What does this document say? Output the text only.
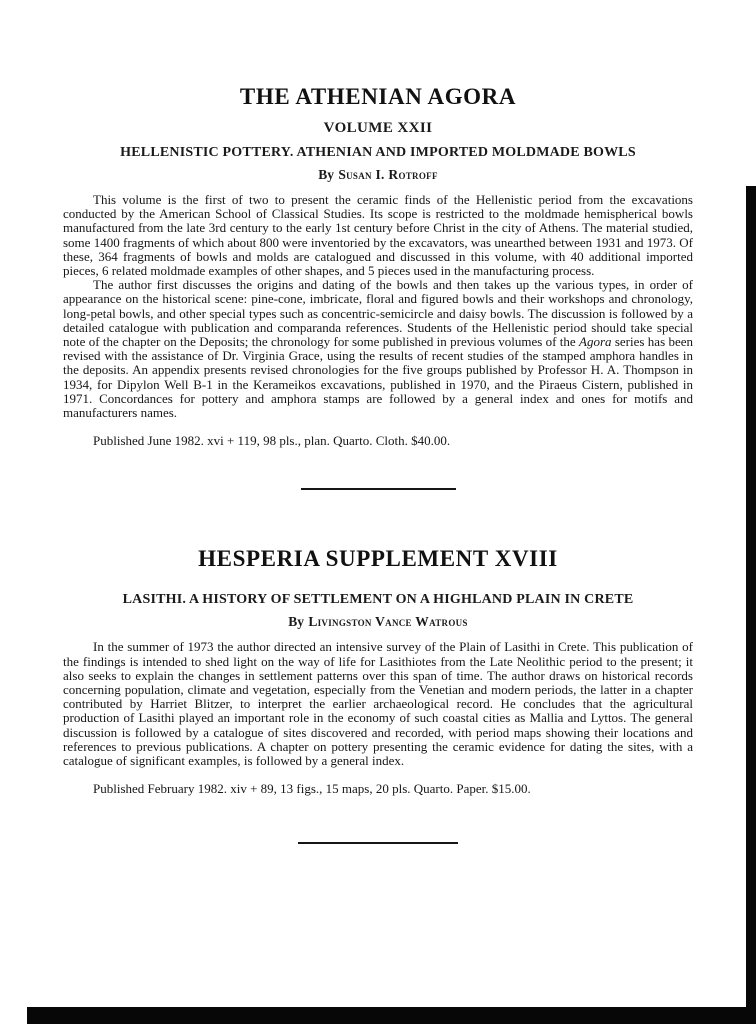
THE ATHENIAN AGORA
VOLUME XXII
HELLENISTIC POTTERY. ATHENIAN AND IMPORTED MOLDMADE BOWLS
By Susan I. Rotroff

This volume is the first of two to present the ceramic finds of the Hellenistic period from the excavations conducted by the American School of Classical Studies. Its scope is restricted to the moldmade hemispherical bowls manufactured from the late 3rd century to the early 1st century before Christ in the city of Athens. The material studied, some 1400 fragments of which about 800 were inventoried by the excavators, was unearthed between 1931 and 1973. Of these, 364 fragments of bowls and molds are catalogued and discussed in this volume, with 40 additional imported pieces, 6 related moldmade examples of other shapes, and 5 pieces used in the manufacturing process.

The author first discusses the origins and dating of the bowls and then takes up the various types, in order of appearance on the historical scene: pine-cone, imbricate, floral and figured bowls and their workshops and chronology, long-petal bowls, and other special types such as concentric-semicircle and daisy bowls. The discussion is followed by a detailed catalogue with publication and comparanda references. Students of the Hellenistic period should take special note of the chapter on the Deposits; the chronology for some published in previous volumes of the Agora series has been revised with the assistance of Dr. Virginia Grace, using the results of recent studies of the stamped amphora handles in the deposits. An appendix presents revised chronologies for the five groups published by Professor H. A. Thompson in 1934, for Dipylon Well B-1 in the Kerameikos excavations, published in 1970, and the Piraeus Cistern, published in 1971. Concordances for pottery and amphora stamps are followed by a general index and ones for motifs and manufacturers names.

Published June 1982. xvi + 119, 98 pls., plan. Quarto. Cloth. $40.00.

HESPERIA SUPPLEMENT XVIII
LASITHI. A HISTORY OF SETTLEMENT ON A HIGHLAND PLAIN IN CRETE
By Livingston Vance Watrous

In the summer of 1973 the author directed an intensive survey of the Plain of Lasithi in Crete. This publication of the findings is intended to shed light on the way of life for Lasithiotes from the Late Neolithic period to the present; it also seeks to explain the changes in settlement patterns over this span of time. The author draws on historical records concerning population, climate and vegetation, especially from the Venetian and modern periods, the latter in a chapter contributed by Harriet Blitzer, to interpret the earlier archaeological record. He concludes that the agricultural production of Lasithi played an important role in the economy of such coastal cities as Mallia and Lyttos. The general discussion is followed by a catalogue of sites discovered and recorded, with period maps showing their locations and references to previous publications. A chapter on pottery presenting the ceramic evidence for dating the sites, with a catalogue of significant examples, is followed by a general index.

Published February 1982. xiv + 89, 13 figs., 15 maps, 20 pls. Quarto. Paper. $15.00.
